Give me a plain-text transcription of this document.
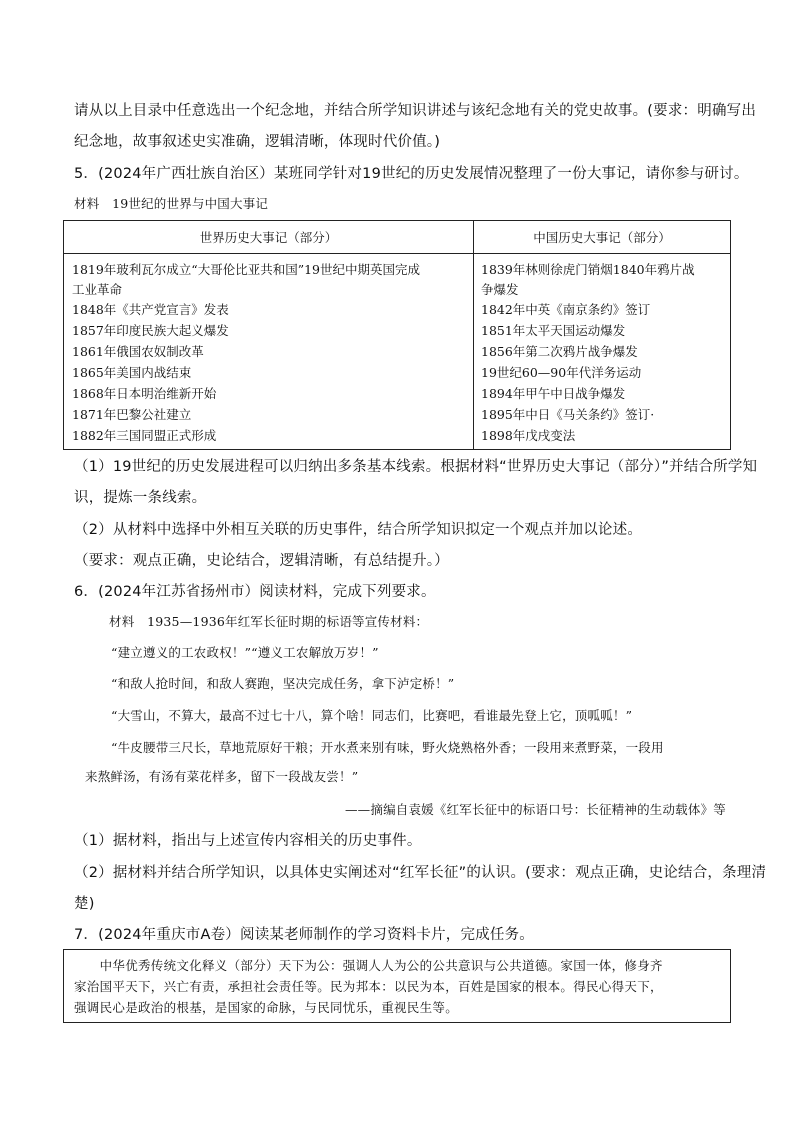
请从以上目录中任意选出一个纪念地，并结合所学知识讲述与该纪念地有关的党史故事。(要求：明确写出
纪念地，故事叙述史实准确，逻辑清晰，体现时代价值。)
5．(2024年广西壮族自治区）某班同学针对19世纪的历史发展情况整理了一份大事记，请你参与研讨。
材料　19世纪的世界与中国大事记
世界历史大事记（部分）	中国历史大事记（部分）
1819年玻利瓦尔成立“大哥伦比亚共和国”19世纪中期英国完成
工业革命
1848年《共产党宣言》发表
1857年印度民族大起义爆发
1861年俄国农奴制改革
1865年美国内战结束
1868年日本明治维新开始
1871年巴黎公社建立
1882年三国同盟正式形成
1839年林则徐虎门销烟1840年鸦片战
争爆发
1842年中英《南京条约》签订
1851年太平天国运动爆发
1856年第二次鸦片战争爆发
19世纪60—90年代洋务运动
1894年甲午中日战争爆发
1895年中日《马关条约》签订·
1898年戊戌变法
（1）19世纪的历史发展进程可以归纳出多条基本线索。根据材料“世界历史大事记（部分）”并结合所学知
识，提炼一条线索。
（2）从材料中选择中外相互关联的历史事件，结合所学知识拟定一个观点并加以论述。
（要求：观点正确，史论结合，逻辑清晰，有总结提升。）
6．(2024年江苏省扬州市）阅读材料，完成下列要求。
材料　1935—1936年红军长征时期的标语等宣传材料：
“建立遵义的工农政权！”“遵义工农解放万岁！”
“和敌人抢时间，和敌人赛跑，坚决完成任务，拿下泸定桥！”
“大雪山，不算大，最高不过七十八，算个啥！同志们，比赛吧，看谁最先登上它，顶呱呱！”
“牛皮腰带三尺长，草地荒原好干粮；开水煮来别有味，野火烧熟格外香；一段用来煮野菜，一段用
来熬鲜汤，有汤有菜花样多，留下一段战友尝！”
——摘编自袁媛《红军长征中的标语口号：长征精神的生动载体》等
（1）据材料，指出与上述宣传内容相关的历史事件。
（2）据材料并结合所学知识，以具体史实阐述对“红军长征”的认识。(要求：观点正确，史论结合，条理清
楚)
7．(2024年重庆市A卷）阅读某老师制作的学习资料卡片，完成任务。
　　中华优秀传统文化释义（部分）天下为公：强调人人为公的公共意识与公共道德。家国一体，修身齐
家治国平天下，兴亡有责，承担社会责任等。民为邦本：以民为本，百姓是国家的根本。得民心得天下，
强调民心是政治的根基，是国家的命脉，与民同忧乐，重视民生等。
